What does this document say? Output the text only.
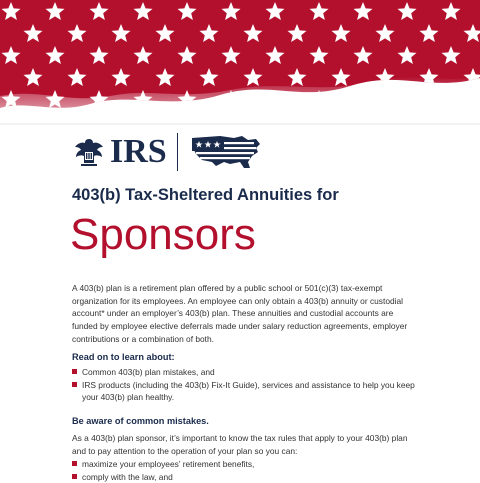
IRS
403(b) Tax-Sheltered Annuities for
Sponsors

A 403(b) plan is a retirement plan offered by a public school or 501(c)(3) tax-exempt organization for its employees. An employee can only obtain a 403(b) annuity or custodial account* under an employer’s 403(b) plan. These annuities and custodial accounts are funded by employee elective deferrals made under salary reduction agreements, employer contributions or a combination of both.

Read on to learn about:
Common 403(b) plan mistakes, and
IRS products (including the 403(b) Fix-It Guide), services and assistance to help you keep your 403(b) plan healthy.
Be aware of common mistakes.

As a 403(b) plan sponsor, it’s important to know the tax rules that apply to your 403(b) plan and to pay attention to the operation of your plan so you can:

maximize your employees’ retirement benefits,
comply with the law, and
